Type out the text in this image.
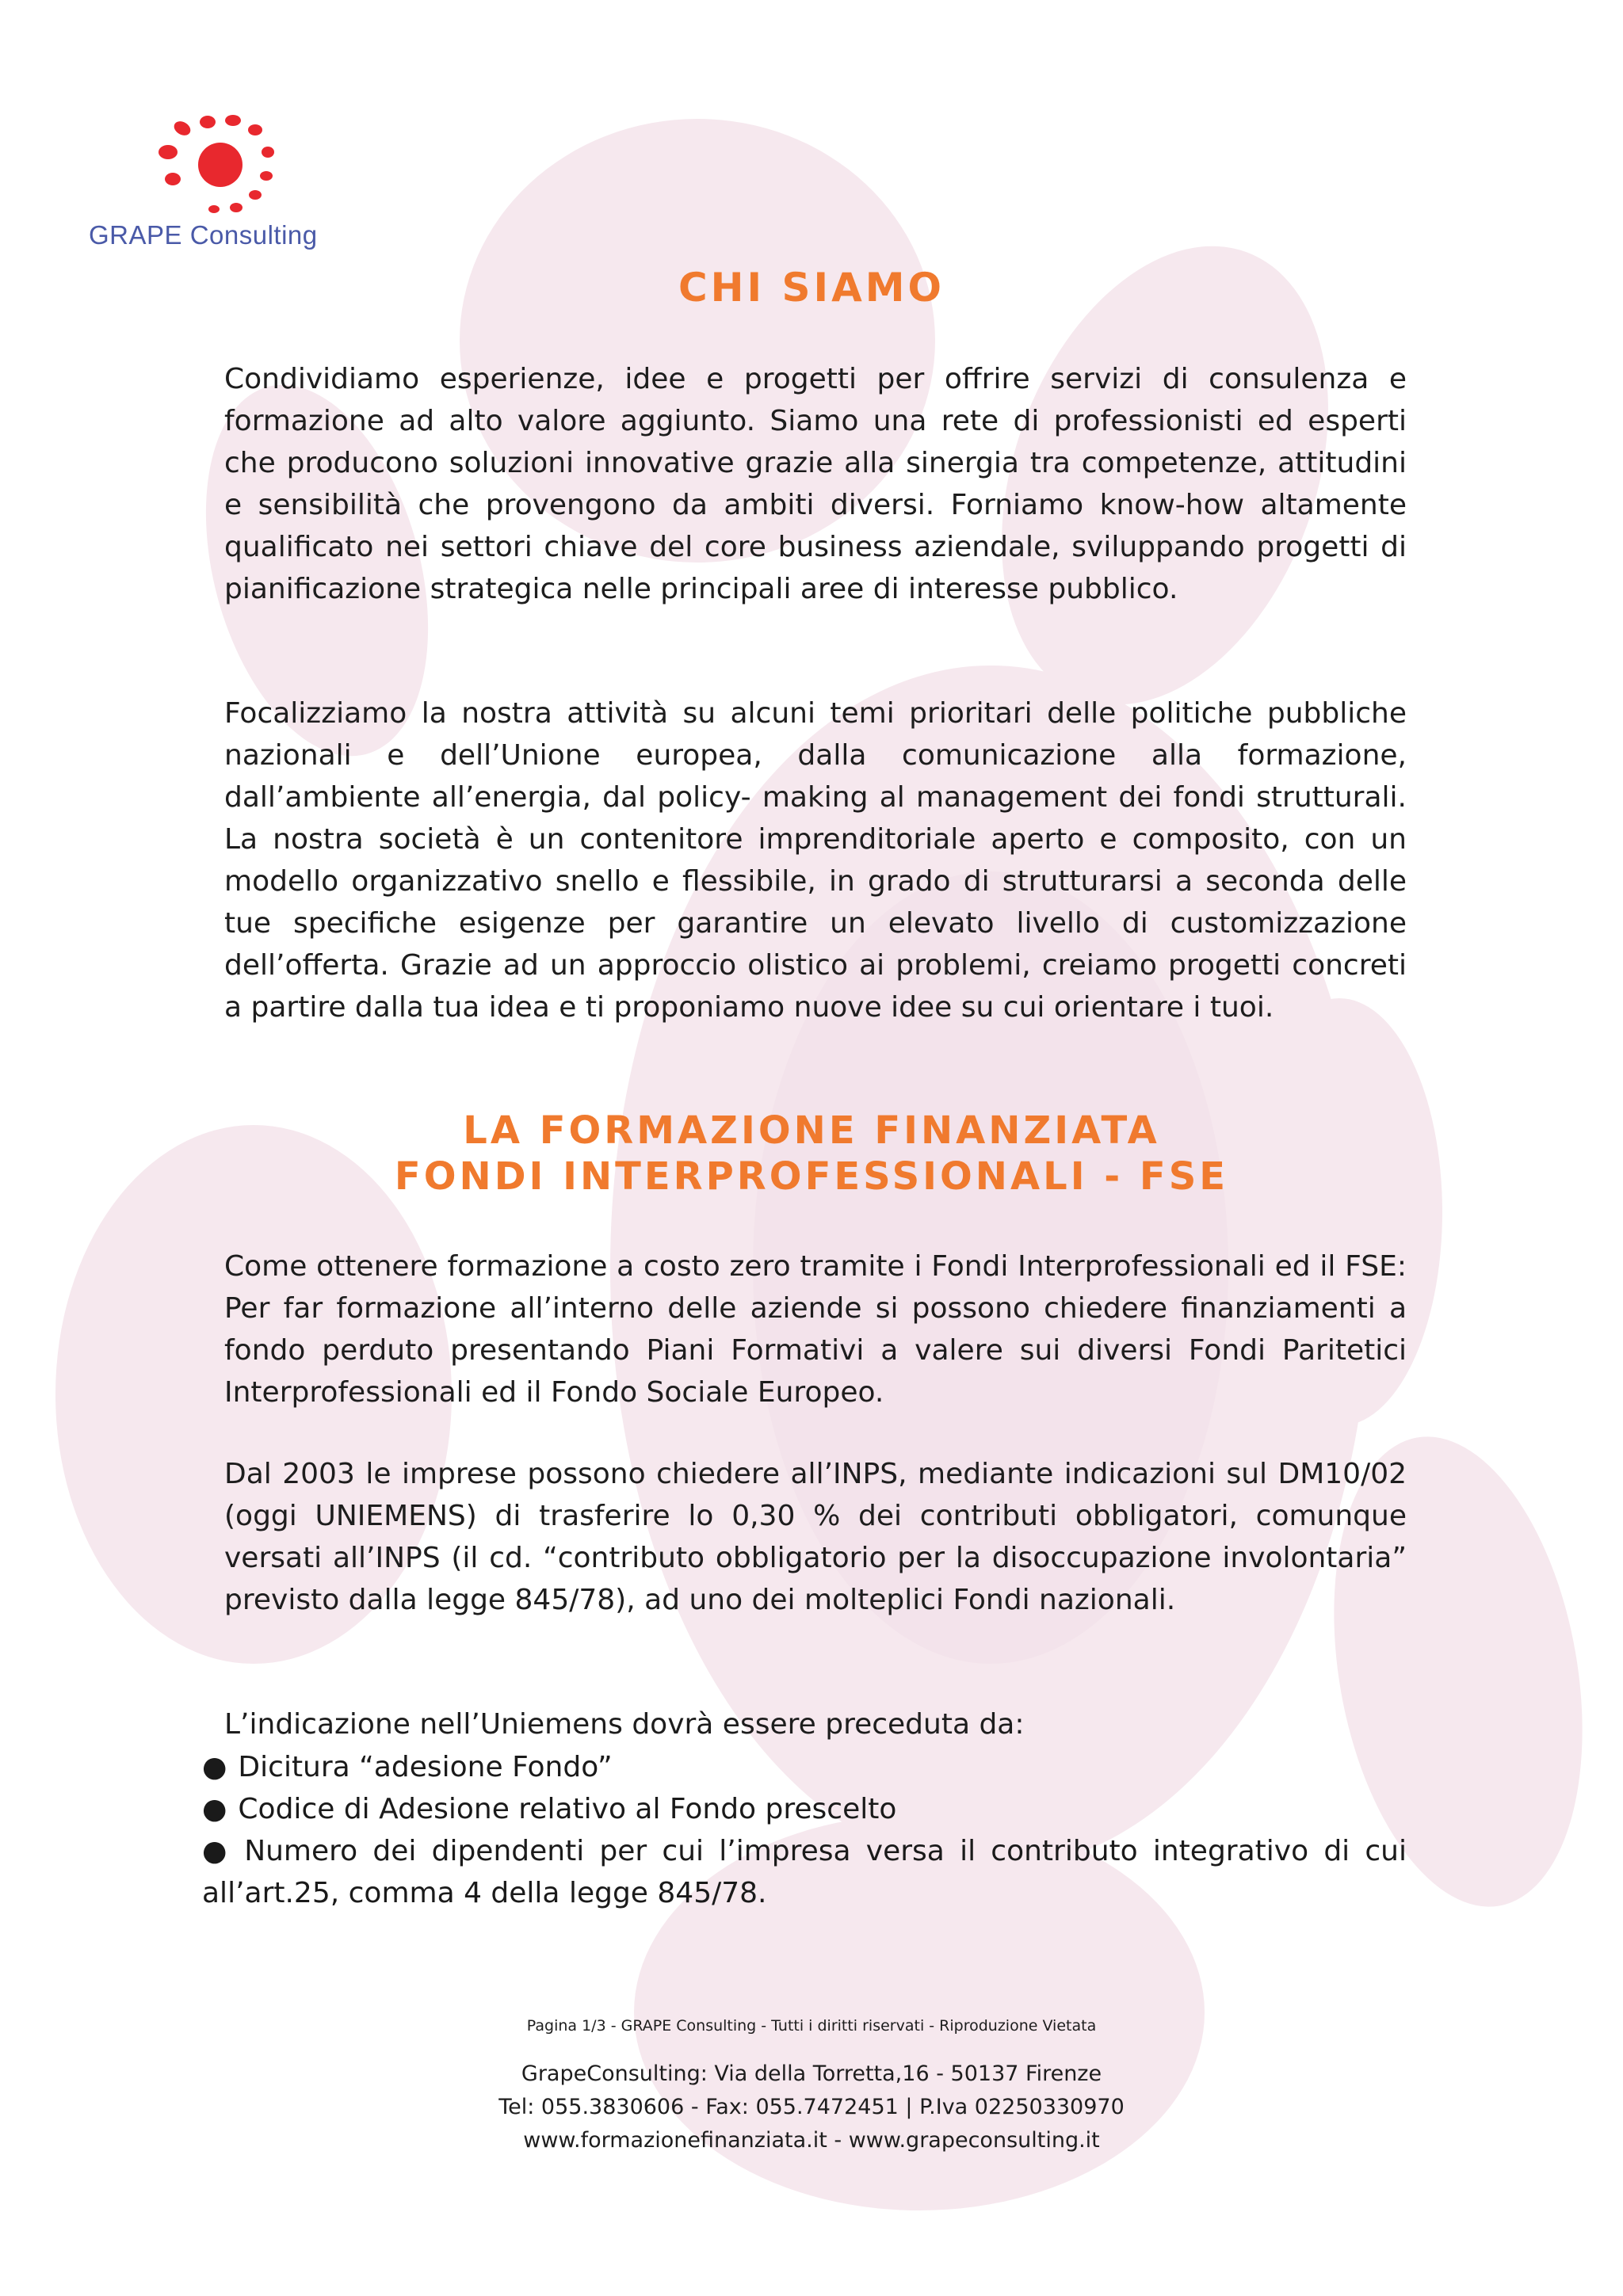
GRAPE Consulting
CHI SIAMO

Condividiamo esperienze, idee e progetti per offrire servizi di consulenza e formazione ad alto valore aggiunto. Siamo una rete di professionisti ed esperti che producono soluzioni innovative grazie alla sinergia tra competenze, attitudini e sensibilità che provengono da ambiti diversi. Forniamo know-how altamente qualificato nei settori chiave del core business aziendale, sviluppando progetti di pianificazione strategica nelle principali aree di interesse pubblico.

Focalizziamo la nostra attività su alcuni temi prioritari delle politiche pubbliche nazionali e dell’Unione europea, dalla comunicazione alla formazione, dall’ambiente all’energia, dal policy- making al management dei fondi strutturali. La nostra società è un contenitore imprenditoriale aperto e composito, con un modello organizzativo snello e flessibile, in grado di strutturarsi a seconda delle tue specifiche esigenze per garantire un elevato livello di customizzazione dell’offerta. Grazie ad un approccio olistico ai problemi, creiamo progetti concreti a partire dalla tua idea e ti proponiamo nuove idee su cui orientare i tuoi.

LA FORMAZIONE FINANZIATA
FONDI INTERPROFESSIONALI - FSE

Come ottenere formazione a costo zero tramite i Fondi Interprofessionali ed il FSE: Per far formazione all’interno delle aziende si possono chiedere finanziamenti a fondo perduto presentando Piani Formativi a valere sui diversi Fondi Paritetici Interprofessionali ed il Fondo Sociale Europeo.

Dal 2003 le imprese possono chiedere all’INPS, mediante indicazioni sul DM10/02 (oggi UNIEMENS) di trasferire lo 0,30 % dei contributi obbligatori, comunque versati all’INPS (il cd. “contributo obbligatorio per la disoccupazione involontaria” previsto dalla legge 845/78), ad uno dei molteplici Fondi nazionali.

L’indicazione nell’Uniemens dovrà essere preceduta da:

● Dicitura “adesione Fondo”
● Codice di Adesione relativo al Fondo prescelto
● Numero dei dipendenti per cui l’impresa versa il contributo integrativo di cui all’art.25, comma 4 della legge 845/78.

Pagina 1/3 - GRAPE Consulting - Tutti i diritti riservati - Riproduzione Vietata

GrapeConsulting: Via della Torretta,16 - 50137 Firenze

Tel: 055.3830606 - Fax: 055.7472451 | P.Iva 02250330970

www.formazionefinanziata.it - www.grapeconsulting.it
